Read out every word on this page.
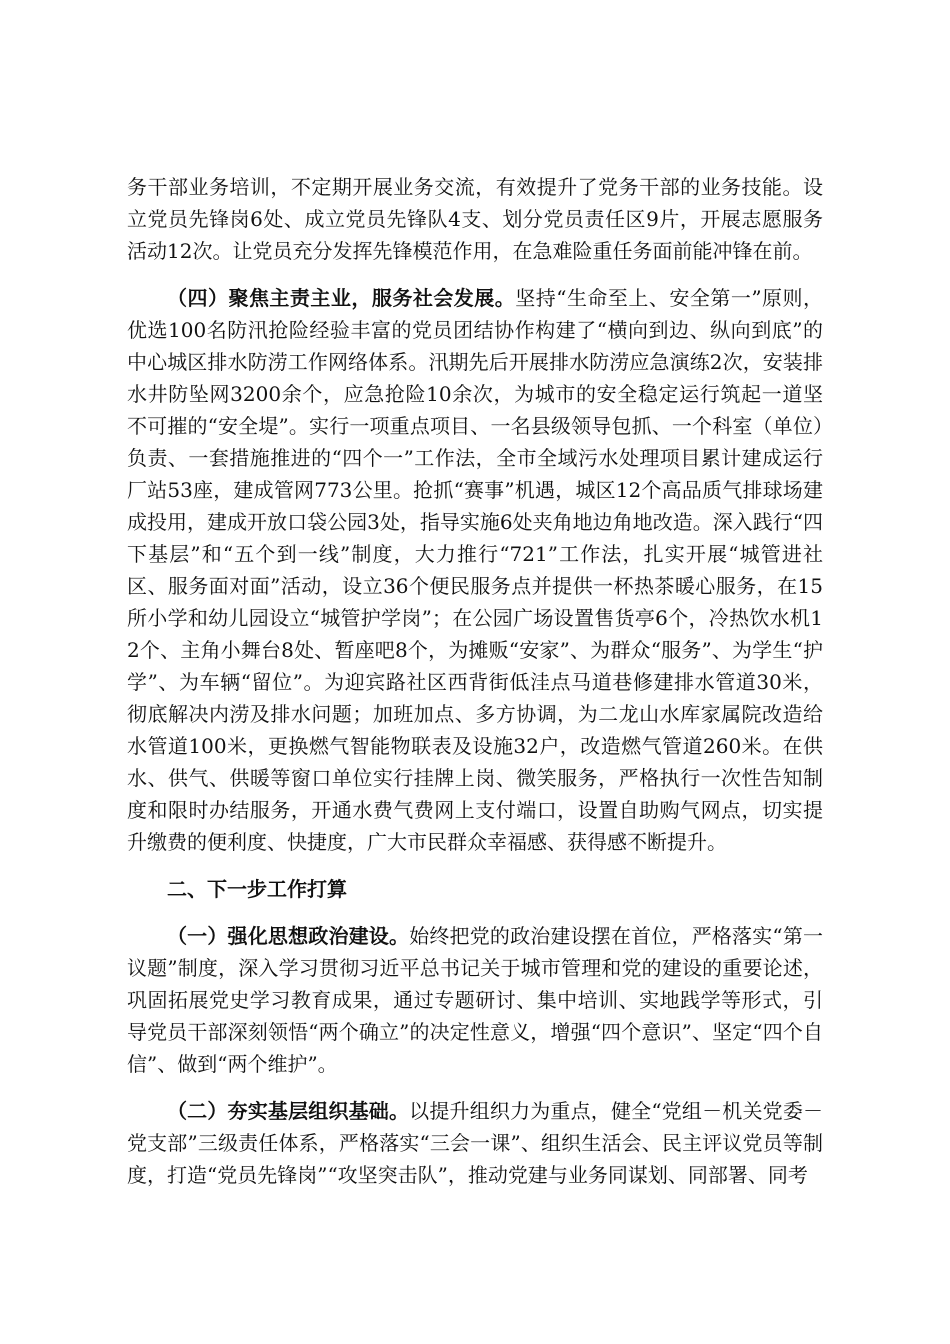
务干部业务培训，不定期开展业务交流，有效提升了党务干部的业务技能。设立党员先锋岗6处、成立党员先锋队4支、划分党员责任区9片，开展志愿服务活动12次。让党员充分发挥先锋模范作用，在急难险重任务面前能冲锋在前。

（四）聚焦主责主业，服务社会发展。坚持“生命至上、安全第一”原则，优选100名防汛抢险经验丰富的党员团结协作构建了“横向到边、纵向到底”的中心城区排水防涝工作网络体系。汛期先后开展排水防涝应急演练2次，安装排水井防坠网3200余个，应急抢险10余次，为城市的安全稳定运行筑起一道坚不可摧的“安全堤”。实行一项重点项目、一名县级领导包抓、一个科室（单位）负责、一套措施推进的“四个一”工作法，全市全域污水处理项目累计建成运行厂站53座，建成管网773公里。抢抓“赛事”机遇，城区12个高品质气排球场建成投用，建成开放口袋公园3处，指导实施6处夹角地边角地改造。深入践行“四下基层”和“五个到一线”制度，大力推行“721”工作法，扎实开展“城管进社区、服务面对面”活动，设立36个便民服务点并提供一杯热茶暖心服务，在15所小学和幼儿园设立“城管护学岗”；在公园广场设置售货亭6个，冷热饮水机12个、主角小舞台8处、暂座吧8个，为摊贩“安家”、为群众“服务”、为学生“护学”、为车辆“留位”。为迎宾路社区西背街低洼点马道巷修建排水管道30米，彻底解决内涝及排水问题；加班加点、多方协调，为二龙山水库家属院改造给水管道100米，更换燃气智能物联表及设施32户，改造燃气管道260米。在供水、供气、供暖等窗口单位实行挂牌上岗、微笑服务，严格执行一次性告知制度和限时办结服务，开通水费气费网上支付端口，设置自助购气网点，切实提升缴费的便利度、快捷度，广大市民群众幸福感、获得感不断提升。

二、下一步工作打算

（一）强化思想政治建设。始终把党的政治建设摆在首位，严格落实“第一议题”制度，深入学习贯彻习近平总书记关于城市管理和党的建设的重要论述，巩固拓展党史学习教育成果，通过专题研讨、集中培训、实地践学等形式，引导党员干部深刻领悟“两个确立”的决定性意义，增强“四个意识”、坚定“四个自信”、做到“两个维护”。

（二）夯实基层组织基础。以提升组织力为重点，健全“党组－机关党委－党支部”三级责任体系，严格落实“三会一课”、组织生活会、民主评议党员等制度，打造“党员先锋岗”“攻坚突击队”，推动党建与业务同谋划、同部署、同考
